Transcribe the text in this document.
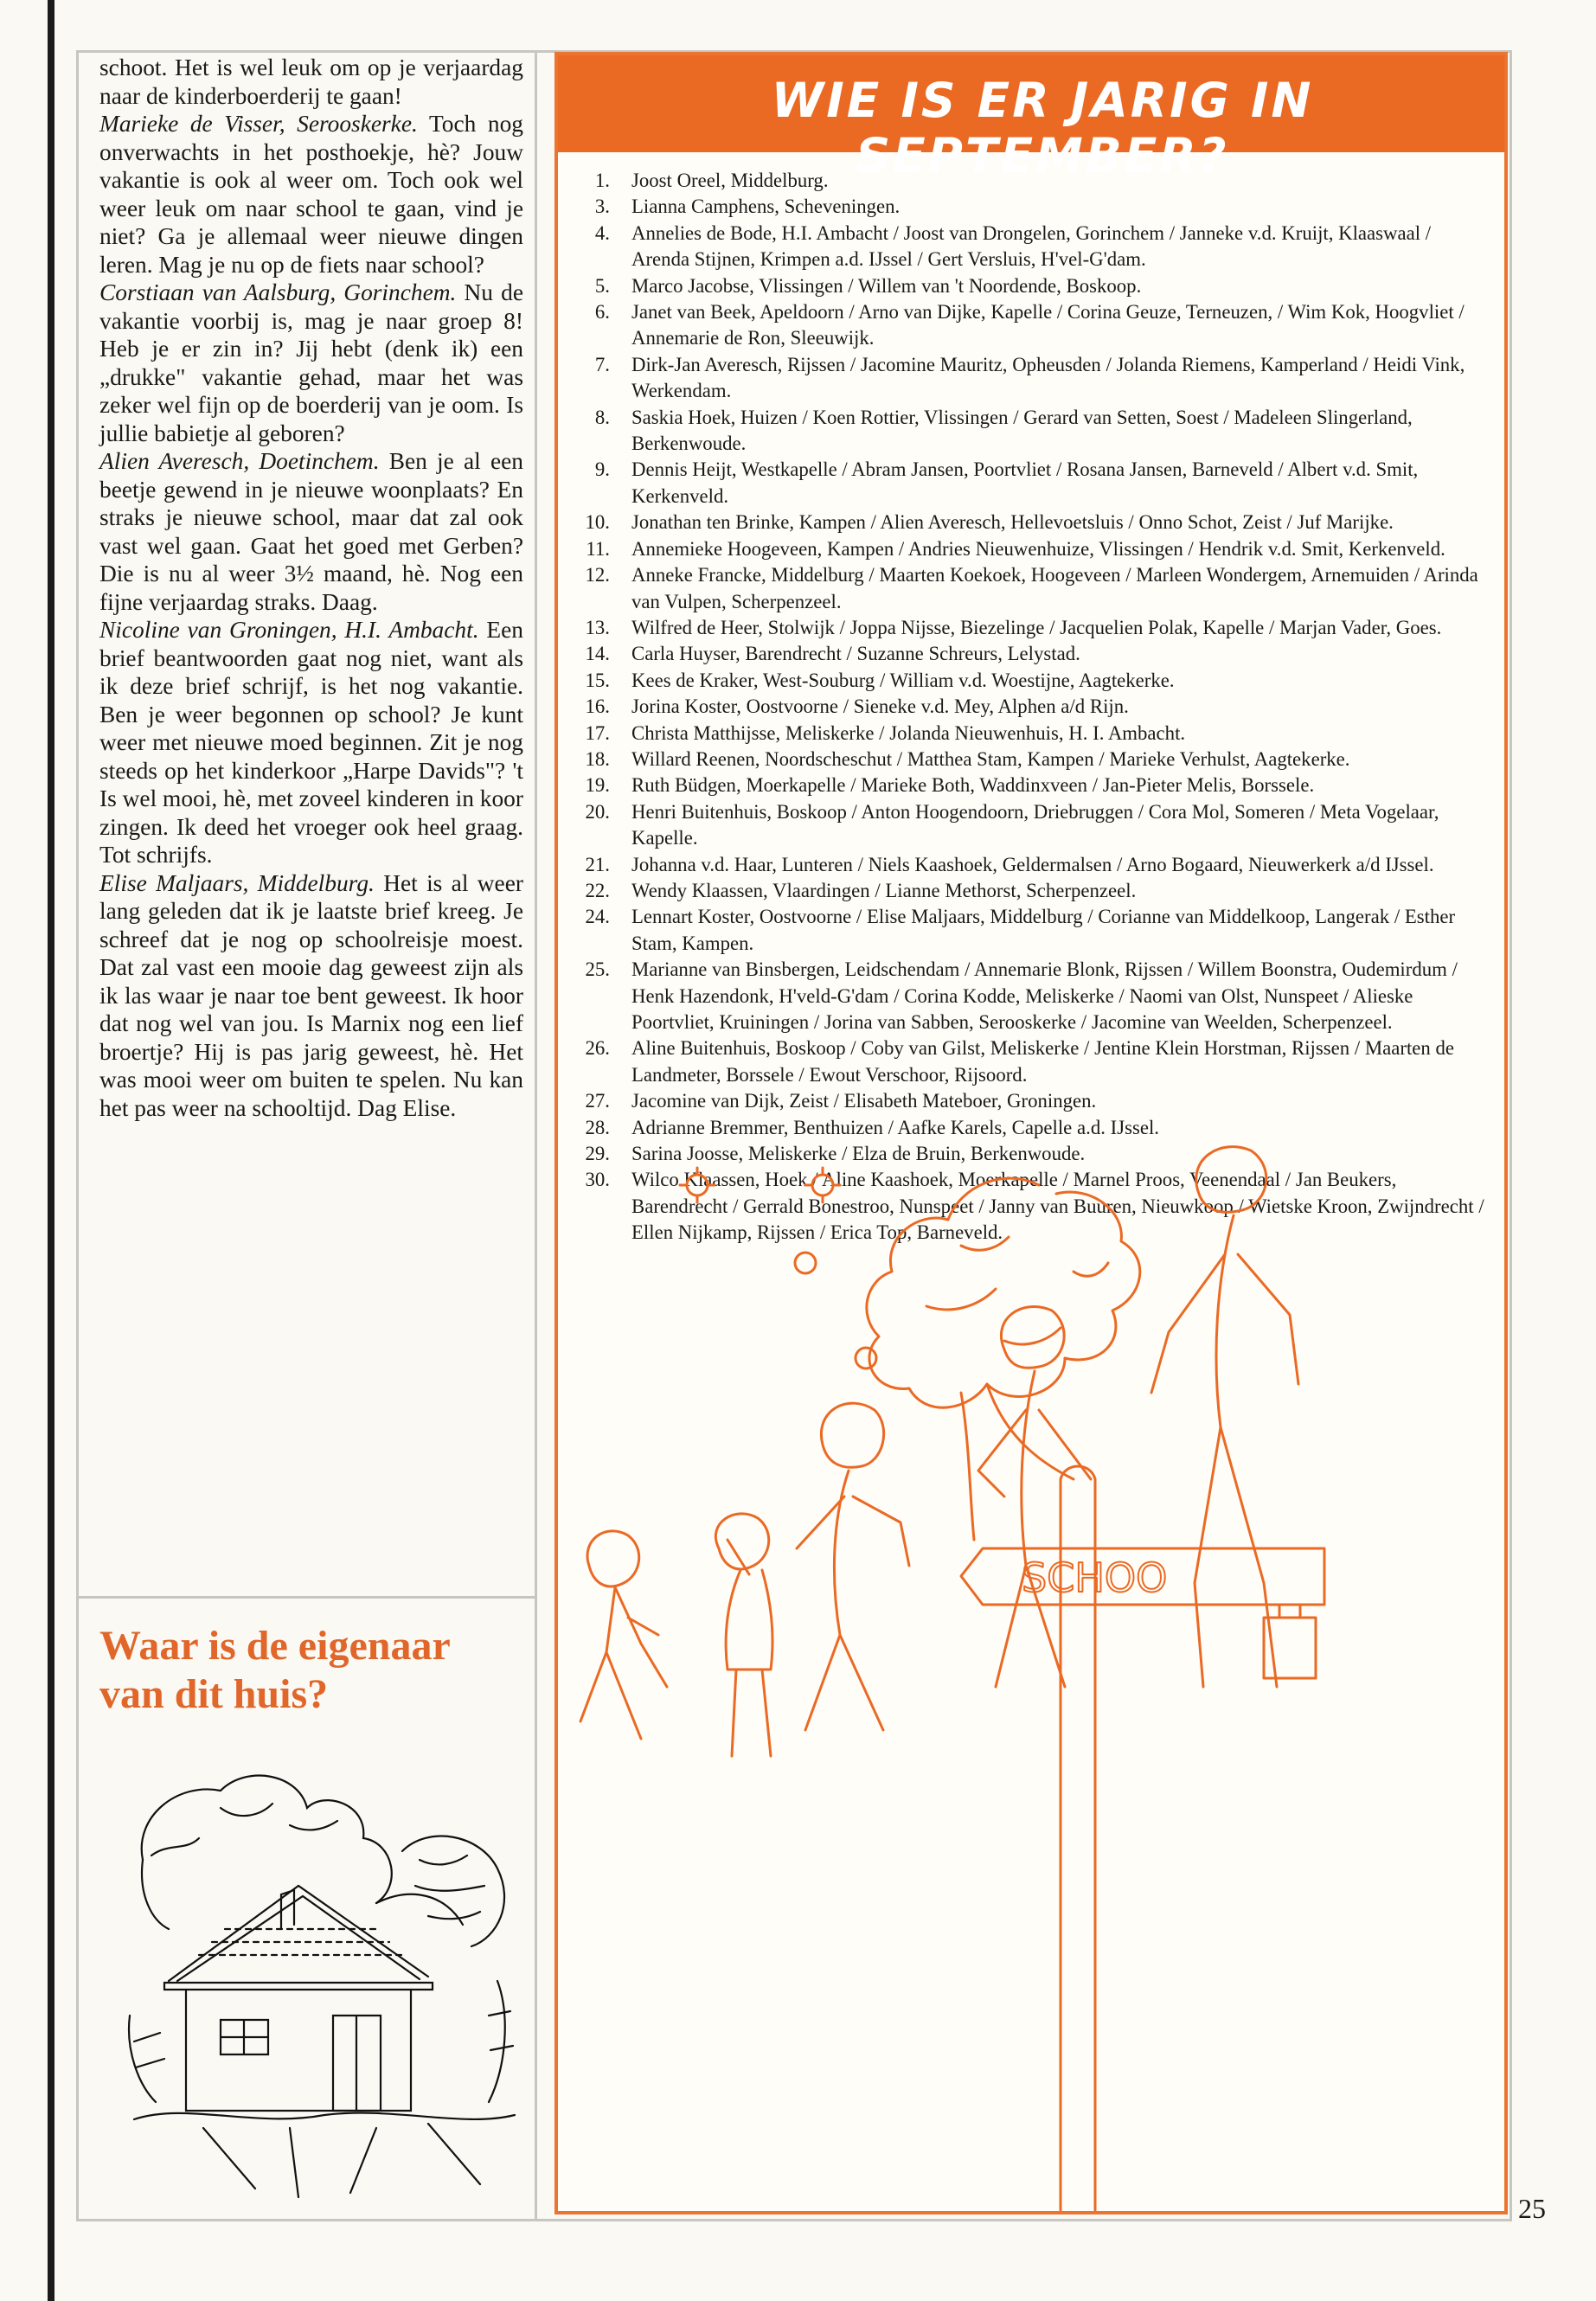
schoot. Het is wel leuk om op je verjaardag naar de kinderboerderij te gaan!

Marieke de Visser, Serooskerke. Toch nog onverwachts in het posthoekje, hè? Jouw vakantie is ook al weer om. Toch ook wel weer leuk om naar school te gaan, vind je niet? Ga je allemaal weer nieuwe dingen leren. Mag je nu op de fiets naar school?

Corstiaan van Aalsburg, Gorinchem. Nu de vakantie voorbij is, mag je naar groep 8! Heb je er zin in? Jij hebt (denk ik) een „drukke" vakantie gehad, maar het was zeker wel fijn op de boerderij van je oom. Is jullie babietje al geboren?

Alien Averesch, Doetinchem. Ben je al een beetje gewend in je nieuwe woonplaats? En straks je nieuwe school, maar dat zal ook vast wel gaan. Gaat het goed met Gerben? Die is nu al weer 3½ maand, hè. Nog een fijne verjaardag straks. Daag.

Nicoline van Groningen, H.I. Ambacht. Een brief beantwoorden gaat nog niet, want als ik deze brief schrijf, is het nog vakantie. Ben je weer begonnen op school? Je kunt weer met nieuwe moed beginnen. Zit je nog steeds op het kinderkoor „Harpe Davids"? 't Is wel mooi, hè, met zoveel kinderen in koor zingen. Ik deed het vroeger ook heel graag. Tot schrijfs.

Elise Maljaars, Middelburg. Het is al weer lang geleden dat ik je laatste brief kreeg. Je schreef dat je nog op schoolreisje moest. Dat zal vast een mooie dag geweest zijn als ik las waar je naar toe bent geweest. Ik hoor dat nog wel van jou. Is Marnix nog een lief broertje? Hij is pas jarig geweest, hè. Het was mooi weer om buiten te spelen. Nu kan het pas weer na schooltijd. Dag Elise.

Waar is de eigenaar van dit huis?
WIE IS ER JARIG IN SEPTEMBER?
1. Joost Oreel, Middelburg.
3. Lianna Camphens, Scheveningen.
4. Annelies de Bode, H.I. Ambacht / Joost van Drongelen, Gorinchem / Janneke v.d. Kruijt, Klaaswaal / Arenda Stijnen, Krimpen a.d. IJssel / Gert Versluis, H'vel-G'dam.
5. Marco Jacobse, Vlissingen / Willem van 't Noordende, Boskoop.
6. Janet van Beek, Apeldoorn / Arno van Dijke, Kapelle / Corina Geuze, Terneuzen, / Wim Kok, Hoogvliet / Annemarie de Ron, Sleeuwijk.
7. Dirk-Jan Averesch, Rijssen / Jacomine Mauritz, Opheusden / Jolanda Riemens, Kamperland / Heidi Vink, Werkendam.
8. Saskia Hoek, Huizen / Koen Rottier, Vlissingen / Gerard van Setten, Soest / Madeleen Slingerland, Berkenwoude.
9. Dennis Heijt, Westkapelle / Abram Jansen, Poortvliet / Rosana Jansen, Barneveld / Albert v.d. Smit, Kerkenveld.
10. Jonathan ten Brinke, Kampen / Alien Averesch, Hellevoetsluis / Onno Schot, Zeist / Juf Marijke.
11. Annemieke Hoogeveen, Kampen / Andries Nieuwenhuize, Vlissingen / Hendrik v.d. Smit, Kerkenveld.
12. Anneke Francke, Middelburg / Maarten Koekoek, Hoogeveen / Marleen Wondergem, Arnemuiden / Arinda van Vulpen, Scherpenzeel.
13. Wilfred de Heer, Stolwijk / Joppa Nijsse, Biezelinge / Jacquelien Polak, Kapelle / Marjan Vader, Goes.
14. Carla Huyser, Barendrecht / Suzanne Schreurs, Lelystad.
15. Kees de Kraker, West-Souburg / William v.d. Woestijne, Aagtekerke.
16. Jorina Koster, Oostvoorne / Sieneke v.d. Mey, Alphen a/d Rijn.
17. Christa Matthijsse, Meliskerke / Jolanda Nieuwenhuis, H. I. Ambacht.
18. Willard Reenen, Noordscheschut / Matthea Stam, Kampen / Marieke Verhulst, Aagtekerke.
19. Ruth Büdgen, Moerkapelle / Marieke Both, Waddinxveen / Jan-Pieter Melis, Borssele.
20. Henri Buitenhuis, Boskoop / Anton Hoogendoorn, Driebruggen / Cora Mol, Someren / Meta Vogelaar, Kapelle.
21. Johanna v.d. Haar, Lunteren / Niels Kaashoek, Geldermalsen / Arno Bogaard, Nieuwerkerk a/d IJssel.
22. Wendy Klaassen, Vlaardingen / Lianne Methorst, Scherpenzeel.
24. Lennart Koster, Oostvoorne / Elise Maljaars, Middelburg / Corianne van Middelkoop, Langerak / Esther Stam, Kampen.
25. Marianne van Binsbergen, Leidschendam / Annemarie Blonk, Rijssen / Willem Boonstra, Oudemirdum / Henk Hazendonk, H'veld-G'dam / Corina Kodde, Meliskerke / Naomi van Olst, Nunspeet / Alieske Poortvliet, Kruiningen / Jorina van Sabben, Serooskerke / Jacomine van Weelden, Scherpenzeel.
26. Aline Buitenhuis, Boskoop / Coby van Gilst, Meliskerke / Jentine Klein Horstman, Rijssen / Maarten de Landmeter, Borssele / Ewout Verschoor, Rijsoord.
27. Jacomine van Dijk, Zeist / Elisabeth Mateboer, Groningen.
28. Adrianne Bremmer, Benthuizen / Aafke Karels, Capelle a.d. IJssel.
29. Sarina Joosse, Meliskerke / Elza de Bruin, Berkenwoude.
30. Wilco Klaassen, Hoek / Aline Kaashoek, Moerkapelle / Marnel Proos, Veenendaal / Jan Beukers, Barendrecht / Gerrald Bonestroo, Nunspeet / Janny van Buuren, Nieuwkoop / Wietske Kroon, Zwijndrecht / Ellen Nijkamp, Rijssen / Erica Top, Barneveld.
SCHOO
25
